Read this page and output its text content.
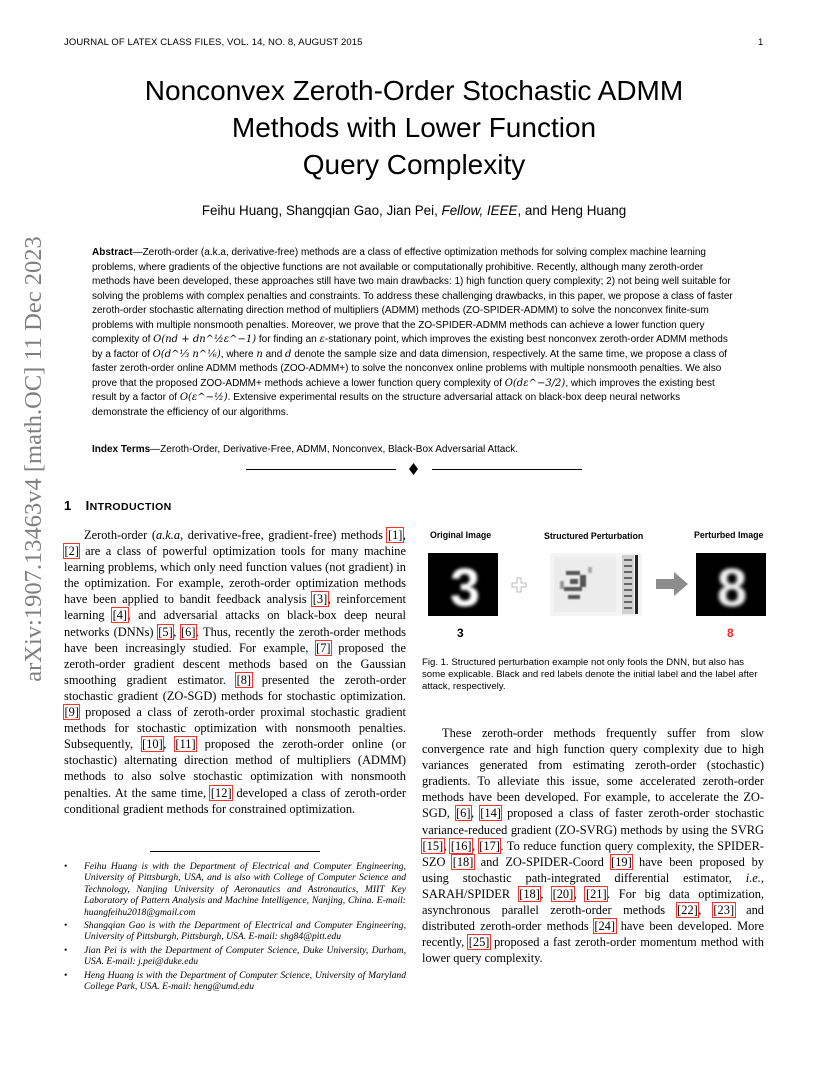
JOURNAL OF LATEX CLASS FILES, VOL. 14, NO. 8, AUGUST 2015	1
arXiv:1907.13463v4 [math.OC] 11 Dec 2023
Nonconvex Zeroth-Order Stochastic ADMM
Methods with Lower Function
Query Complexity
Feihu Huang, Shangqian Gao, Jian Pei, Fellow, IEEE, and Heng Huang
Abstract—Zeroth-order (a.k.a, derivative-free) methods are a class of effective optimization methods for solving complex machine learning problems, where gradients of the objective functions are not available or computationally prohibitive. Recently, although many zeroth-order methods have been developed, these approaches still have two main drawbacks: 1) high function query complexity; 2) not being well suitable for solving the problems with complex penalties and constraints. To address these challenging drawbacks, in this paper, we propose a class of faster zeroth-order stochastic alternating direction method of multipliers (ADMM) methods (ZO-SPIDER-ADMM) to solve the nonconvex finite-sum problems with multiple nonsmooth penalties. Moreover, we prove that the ZO-SPIDER-ADMM methods can achieve a lower function query complexity of O(nd + dn^½ε^−1) for finding an ε-stationary point, which improves the existing best nonconvex zeroth-order ADMM methods by a factor of O(d^⅓ n^⅙), where n and d denote the sample size and data dimension, respectively. At the same time, we propose a class of faster zeroth-order online ADMM methods (ZOO-ADMM+) to solve the nonconvex online problems with multiple nonsmooth penalties. We also prove that the proposed ZOO-ADMM+ methods achieve a lower function query complexity of O(dε^−3/2), which improves the existing best result by a factor of O(ε^−½). Extensive experimental results on the structure adversarial attack on black-box deep neural networks demonstrate the efficiency of our algorithms.
Index Terms—Zeroth-Order, Derivative-Free, ADMM, Nonconvex, Black-Box Adversarial Attack.
1 INTRODUCTION

Zeroth-order (a.k.a, derivative-free, gradient-free) methods [1], [2] are a class of powerful optimization tools for many machine learning problems, which only need function values (not gradient) in the optimization. For example, zeroth-order optimization methods have been applied to bandit feedback analysis [3], reinforcement learning [4], and adversarial attacks on black-box deep neural networks (DNNs) [5], [6]. Thus, recently the zeroth-order methods have been increasingly studied. For example, [7] proposed the zeroth-order gradient descent methods based on the Gaussian smoothing gradient estimator. [8] presented the zeroth-order stochastic gradient (ZO-SGD) methods for stochastic optimization. [9] proposed a class of zeroth-order proximal stochastic gradient methods for stochastic optimization with nonsmooth penalties. Subsequently, [10], [11] proposed the zeroth-order online (or stochastic) alternating direction method of multipliers (ADMM) methods to also solve stochastic optimization with nonsmooth penalties. At the same time, [12] developed a class of zeroth-order conditional gradient methods for constrained optimization.

• Feihu Huang is with the Department of Electrical and Computer Engineering, University of Pittsburgh, USA, and is also with College of Computer Science and Technology, Nanjing University of Aeronautics and Astronautics, MIIT Key Laboratory of Pattern Analysis and Machine Intelligence, Nanjing, China. E-mail: huangfeihu2018@gmail.com

• Shangqian Gao is with the Department of Electrical and Computer Engineering, University of Pittsburgh, Pittsburgh, USA. E-mail: shg84@pitt.edu

• Jian Pei is with the Department of Computer Science, Duke University, Durham, USA. E-mail: j.pei@duke.edu

• Heng Huang is with the Department of Computer Science, University of Maryland College Park, USA. E-mail: heng@umd.edu

Original Image	Structured Perturbation	Perturbed Image
3	8
3	8
Fig. 1. Structured perturbation example not only fools the DNN, but also has some explicable. Black and red labels denote the initial label and the label after attack, respectively.

These zeroth-order methods frequently suffer from slow convergence rate and high function query complexity due to high variances generated from estimating zeroth-order (stochastic) gradients. To alleviate this issue, some accelerated zeroth-order methods have been developed. For example, to accelerate the ZO-SGD, [6], [14] proposed a class of faster zeroth-order stochastic variance-reduced gradient (ZO-SVRG) methods by using the SVRG [15], [16], [17]. To reduce function query complexity, the SPIDER-SZO [18] and ZO-SPIDER-Coord [19] have been proposed by using stochastic path-integrated differential estimator, i.e., SARAH/SPIDER [18], [20], [21]. For big data optimization, asynchronous parallel zeroth-order methods [22], [23] and distributed zeroth-order methods [24] have been developed. More recently, [25] proposed a fast zeroth-order momentum method with lower query complexity.
